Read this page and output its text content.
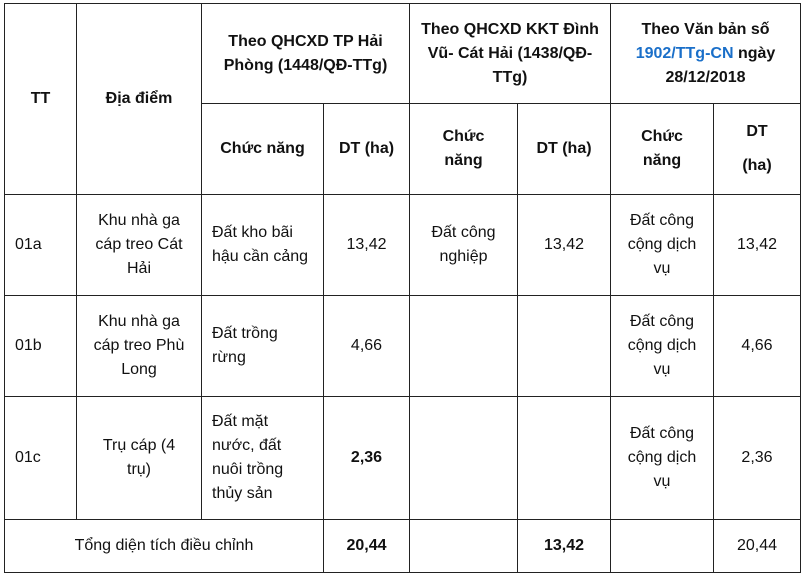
TT	Địa điểm	Theo QHCXD TP Hải Phòng (1448/QĐ-TTg)		Theo QHCXD KKT Đình Vũ- Cát Hải (1438/QĐ-TTg)		Theo Văn bản số 1902/TTg-CN ngày 28/12/2018	

		Chức năng	DT (ha)	Chức năng	DT (ha)	Chức năng	DT (ha)

01a	Khu nhà ga cáp treo Cát Hải	Đất kho bãi hậu cần cảng	13,42	Đất công nghiệp	13,42	Đất công cộng dịch vụ	13,42
01b	Khu nhà ga cáp treo Phù Long	Đất trồng rừng	4,66			Đất công cộng dịch vụ	4,66
01c	Trụ cáp (4 trụ)	Đất mặt nước, đất nuôi trồng thủy sản	2,36			Đất công cộng dịch vụ	2,36
Tổng diện tích điều chỉnh			20,44		13,42		20,44
